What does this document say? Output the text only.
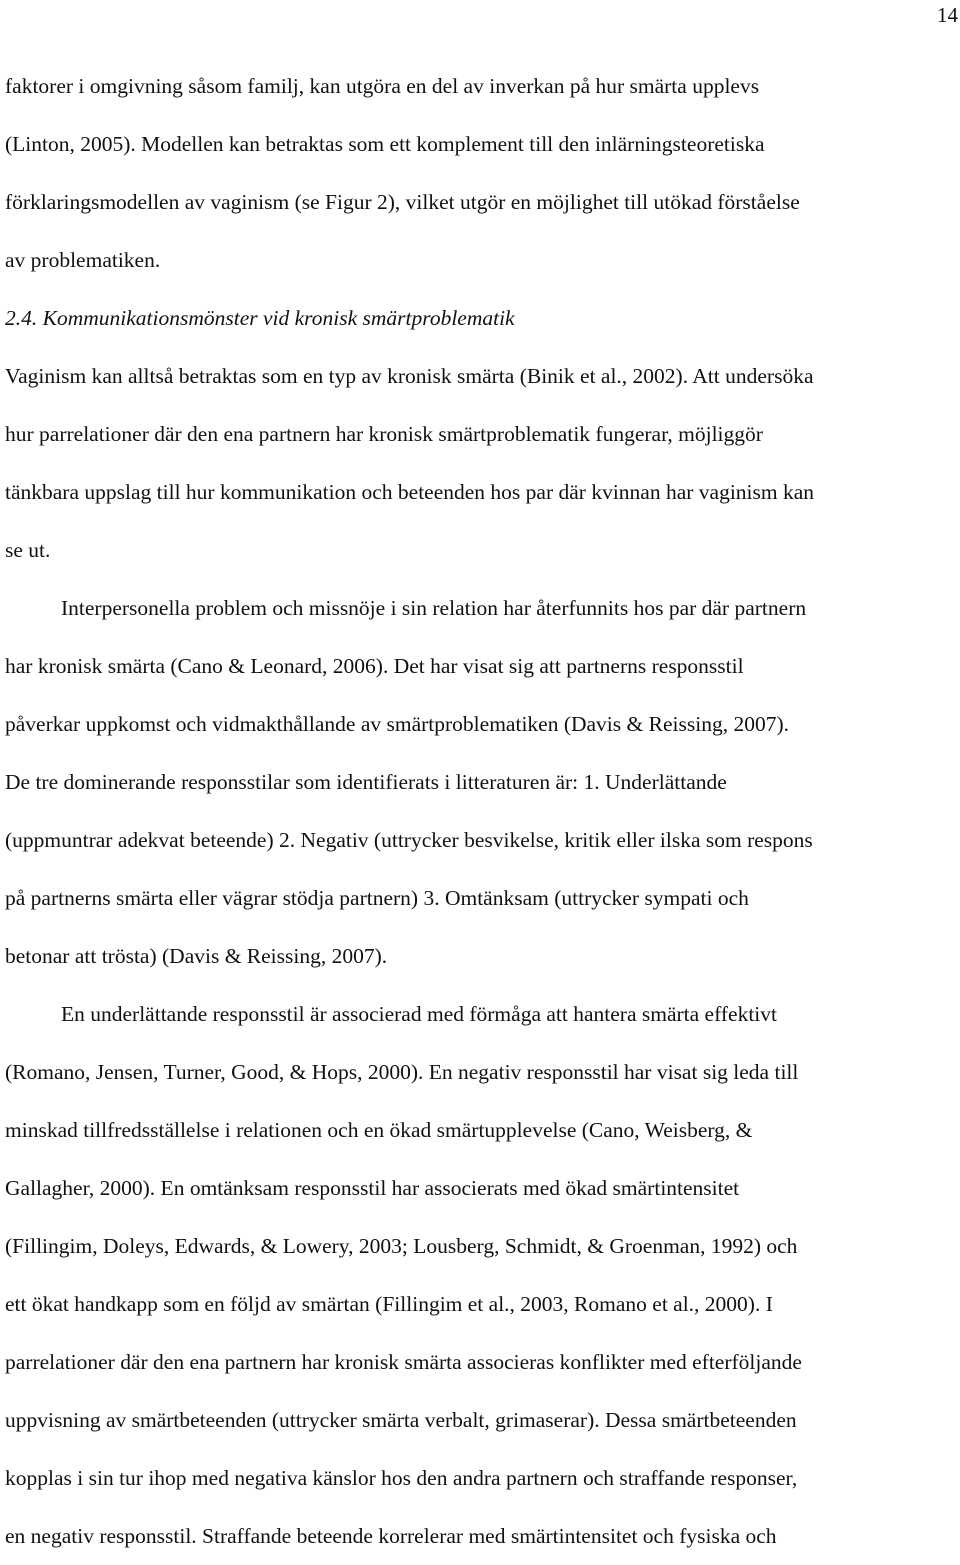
14
faktorer i omgivning såsom familj, kan utgöra en del av inverkan på hur smärta upplevs
(Linton, 2005). Modellen kan betraktas som ett komplement till den inlärningsteoretiska
förklaringsmodellen av vaginism (se Figur 2), vilket utgör en möjlighet till utökad förståelse
av problematiken.
2.4. Kommunikationsmönster vid kronisk smärtproblematik
Vaginism kan alltså betraktas som en typ av kronisk smärta (Binik et al., 2002). Att undersöka
hur parrelationer där den ena partnern har kronisk smärtproblematik fungerar, möjliggör
tänkbara uppslag till hur kommunikation och beteenden hos par där kvinnan har vaginism kan
se ut.
Interpersonella problem och missnöje i sin relation har återfunnits hos par där partnern
har kronisk smärta (Cano & Leonard, 2006). Det har visat sig att partnerns responsstil
påverkar uppkomst och vidmakthållande av smärtproblematiken (Davis & Reissing, 2007).
De tre dominerande responsstilar som identifierats i litteraturen är: 1. Underlättande
(uppmuntrar adekvat beteende) 2. Negativ (uttrycker besvikelse, kritik eller ilska som respons
på partnerns smärta eller vägrar stödja partnern) 3. Omtänksam (uttrycker sympati och
betonar att trösta) (Davis & Reissing, 2007).
En underlättande responsstil är associerad med förmåga att hantera smärta effektivt
(Romano, Jensen, Turner, Good, & Hops, 2000). En negativ responsstil har visat sig leda till
minskad tillfredsställelse i relationen och en ökad smärtupplevelse (Cano, Weisberg, &
Gallagher, 2000). En omtänksam responsstil har associerats med ökad smärtintensitet
(Fillingim, Doleys, Edwards, & Lowery, 2003; Lousberg, Schmidt, & Groenman, 1992) och
ett ökat handkapp som en följd av smärtan (Fillingim et al., 2003, Romano et al., 2000). I
parrelationer där den ena partnern har kronisk smärta associeras konflikter med efterföljande
uppvisning av smärtbeteenden (uttrycker smärta verbalt, grimaserar). Dessa smärtbeteenden
kopplas i sin tur ihop med negativa känslor hos den andra partnern och straffande responser,
en negativ responsstil. Straffande beteende korrelerar med smärtintensitet och fysiska och
